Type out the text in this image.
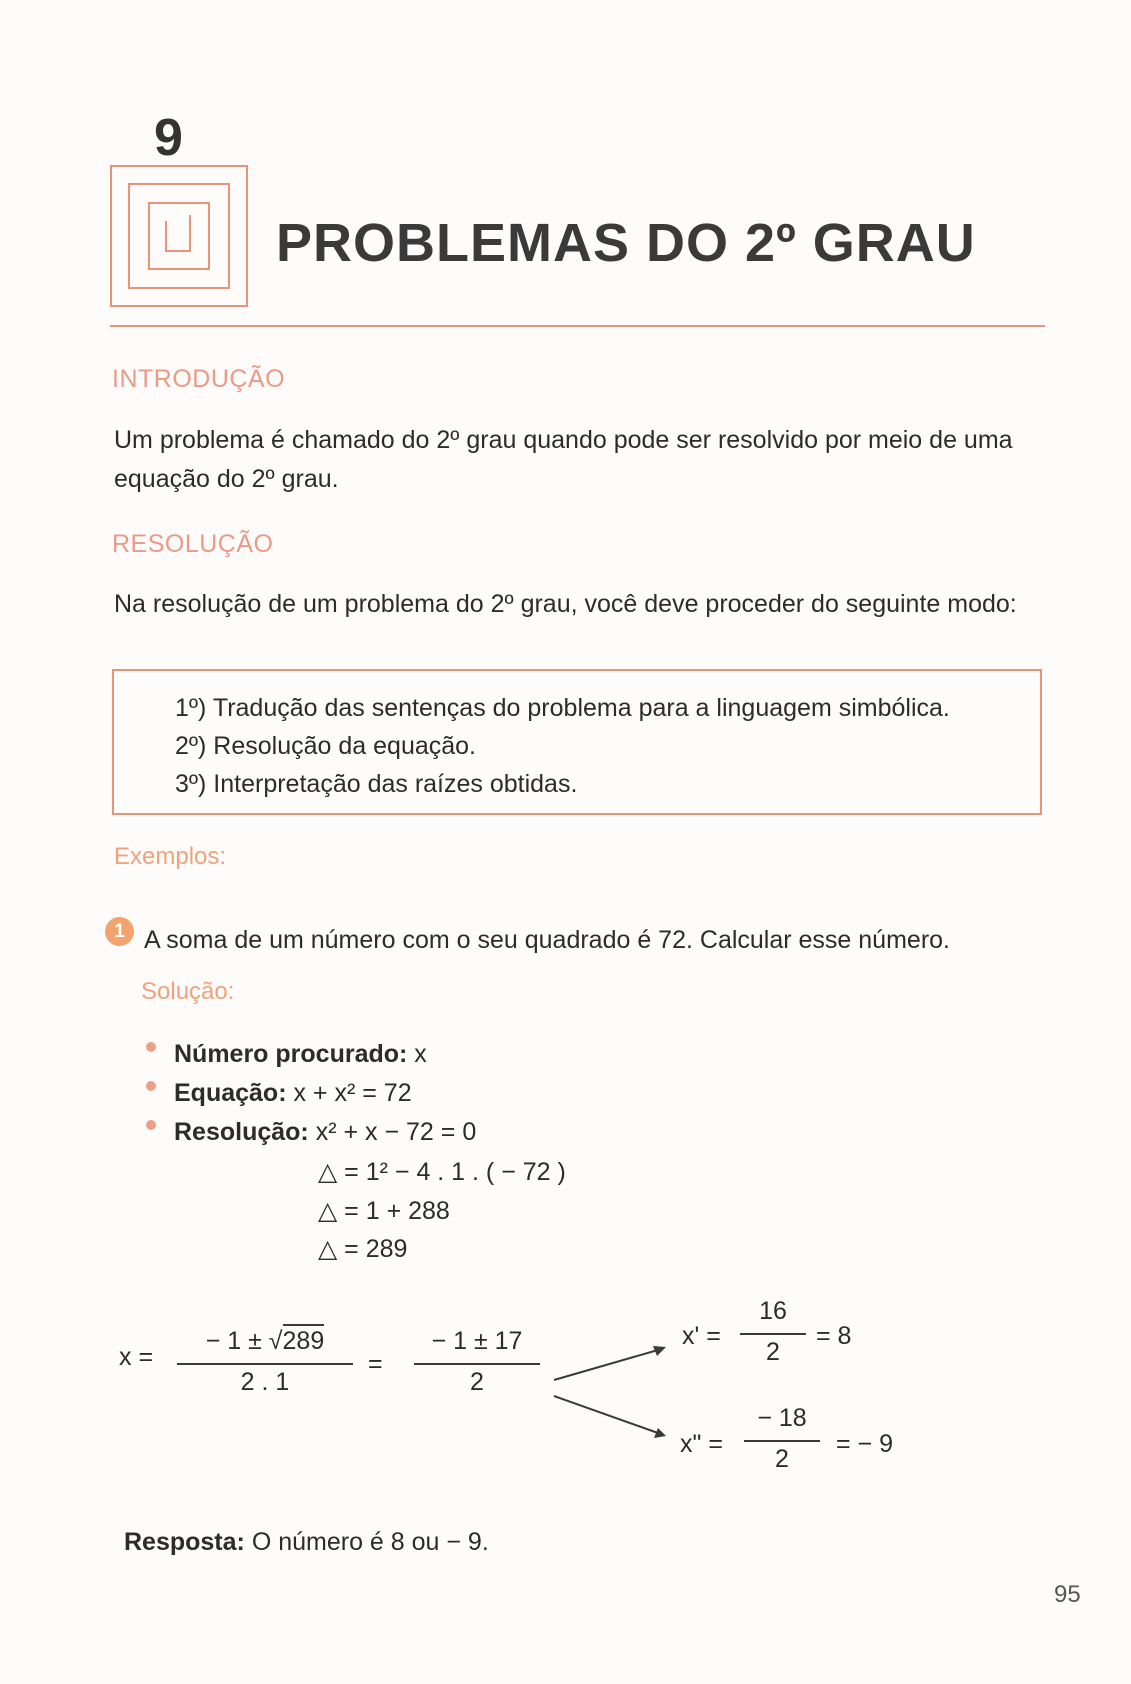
9
PROBLEMAS DO 2º GRAU
INTRODUÇÃO
Um problema é chamado do 2º grau quando pode ser resolvido por meio de uma
equação do 2º grau.
RESOLUÇÃO
Na resolução de um problema do 2º grau, você deve proceder do seguinte modo:
1º) Tradução das sentenças do problema para a linguagem simbólica.
2º) Resolução da equação.
3º) Interpretação das raízes obtidas.
Exemplos:
1 A soma de um número com o seu quadrado é 72. Calcular esse número.
Solução:
Número procurado: x
Equação: x + x² = 72
Resolução: x² + x − 72 = 0
△ = 1² − 4 . 1 . ( − 72 )
△ = 1 + 288
△ = 289
x =
− 1 ± √289
2 . 1
=
− 1 ± 17
2
x' =
16
2
= 8
x" =
− 18
2
= − 9
Resposta: O número é 8 ou − 9.
95
